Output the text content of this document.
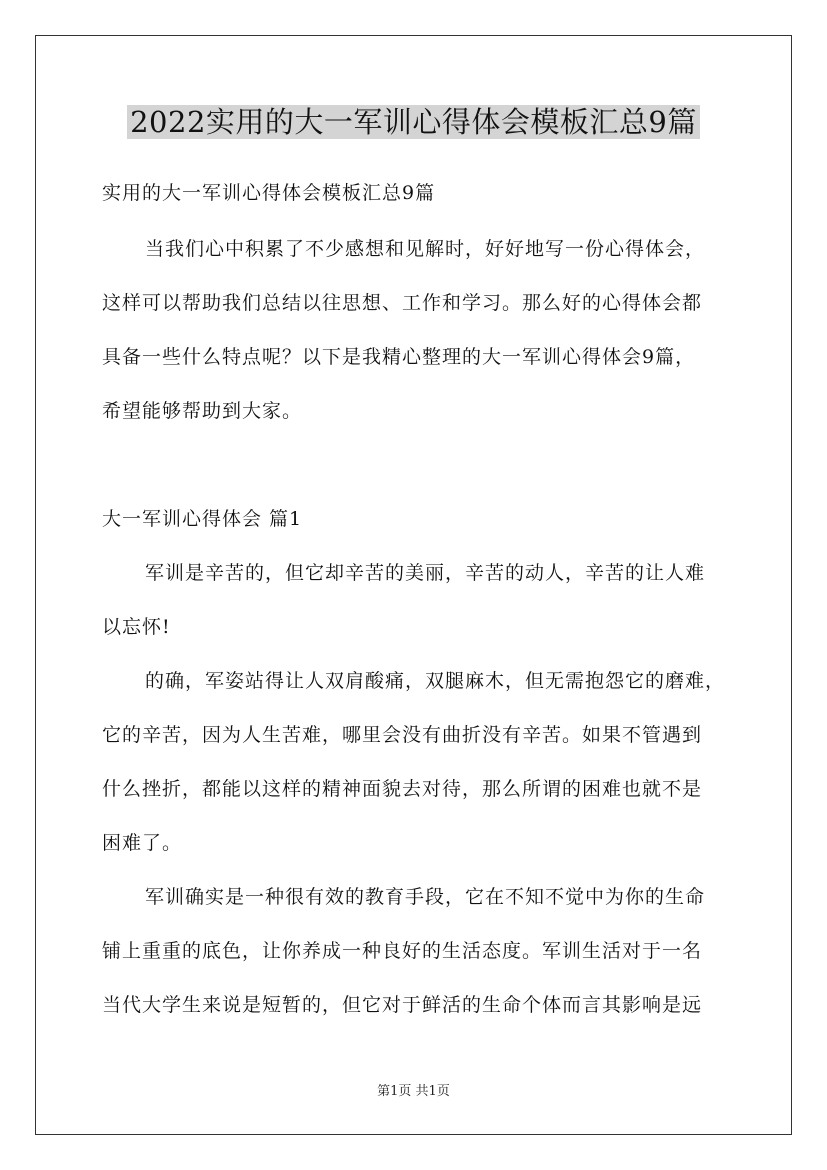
2022实用的大一军训心得体会模板汇总9篇
实用的大一军训心得体会模板汇总9篇
当我们心中积累了不少感想和见解时，好好地写一份心得体会，
这样可以帮助我们总结以往思想、工作和学习。那么好的心得体会都
具备一些什么特点呢？以下是我精心整理的大一军训心得体会9篇，
希望能够帮助到大家。
大一军训心得体会 篇1
军训是辛苦的，但它却辛苦的美丽，辛苦的动人，辛苦的让人难
以忘怀!
的确，军姿站得让人双肩酸痛，双腿麻木，但无需抱怨它的磨难，
它的辛苦，因为人生苦难，哪里会没有曲折没有辛苦。如果不管遇到
什么挫折，都能以这样的精神面貌去对待，那么所谓的困难也就不是
困难了。
军训确实是一种很有效的教育手段，它在不知不觉中为你的生命
铺上重重的底色，让你养成一种良好的生活态度。军训生活对于一名
当代大学生来说是短暂的，但它对于鲜活的生命个体而言其影响是远
第1页 共1页
